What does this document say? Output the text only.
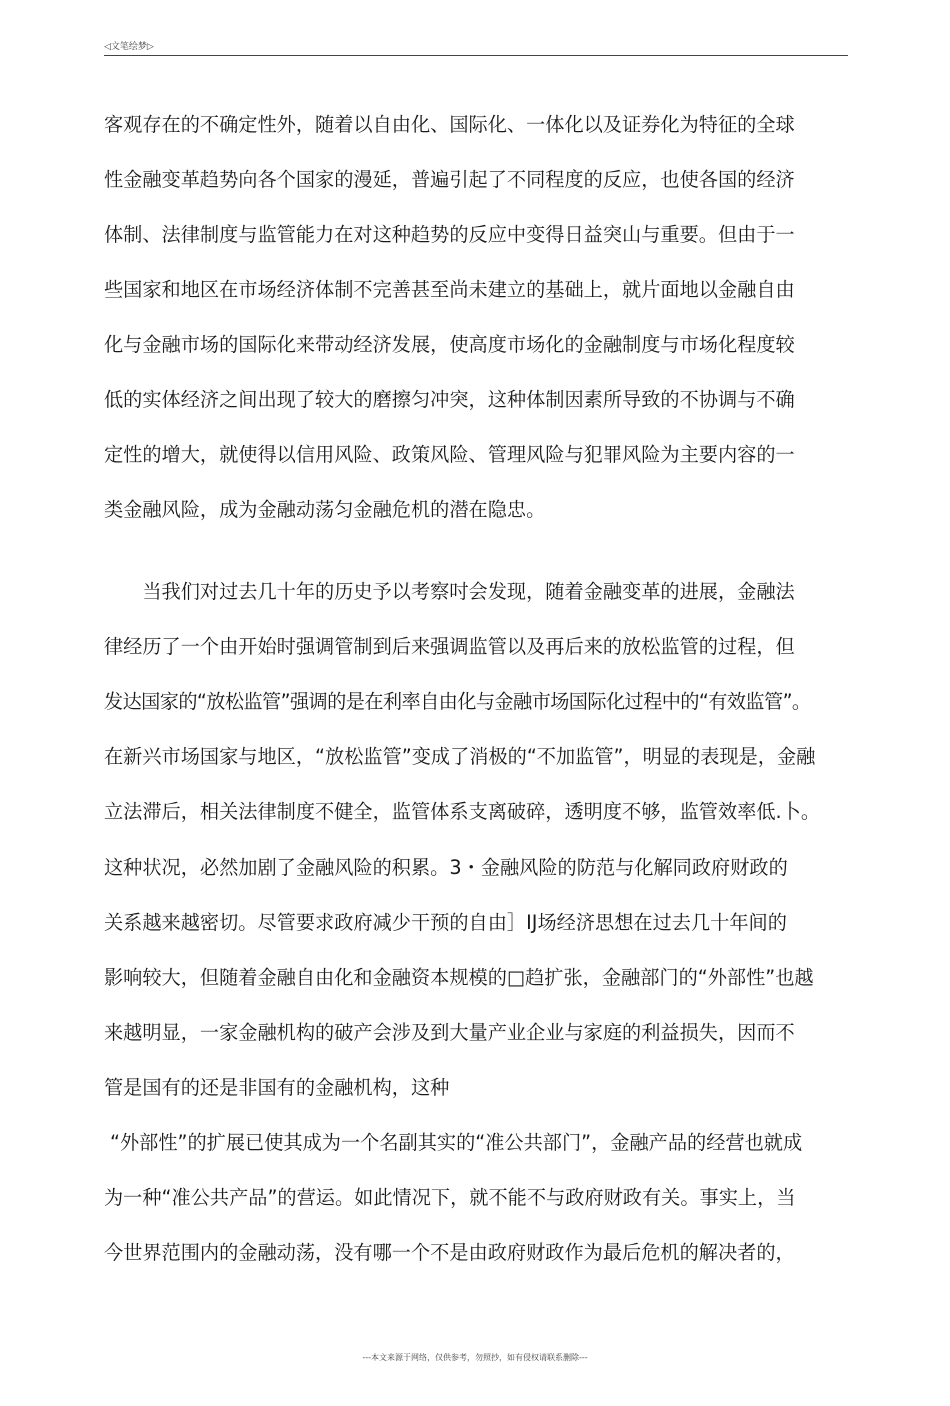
◁文笔绘梦▷
客观存在的不确定性外，随着以自由化、国际化、一体化以及证券化为特征的全球
性金融变革趋势向各个国家的漫延，普遍引起了不同程度的反应，也使各国的经济
体制、法律制度与监管能力在对这种趋势的反应中变得日益突山与重要。但由于一
些国家和地区在市场经济体制不完善甚至尚未建立的基础上，就片面地以金融自由
化与金融市场的国际化来带动经济发展，使高度市场化的金融制度与市场化程度较
低的实体经济之间出现了较大的磨擦匀冲突，这种体制因素所导致的不协调与不确
定性的增大，就使得以信用风险、政策风险、管理风险与犯罪风险为主要内容的一
类金融风险，成为金融动荡匀金融危机的潜在隐忠。
　　当我们对过去几十年的历史予以考察吋会发现，随着金融变革的进展，金融法
律经历了一个由开始时强调管制到后来强调监管以及再后来的放松监管的过程，但
发达国家的“放松监管”强调的是在利率自由化与金融市场国际化过程中的“有效监管”。
在新兴市场国家与地区，“放松监管”变成了消极的“不加监管”，明显的表现是，金融
立法滞后，相关法律制度不健全，监管体系支离破碎，透明度不够，监管效率低.卜。
这种状况，必然加剧了金融风险的积累。3・金融风险的防范与化解同政府财政的
关系越来越密切。尽管要求政府减少干预的自由］IJ场经济思想在过去几十年间的
影响较大，但随着金融自由化和金融资本规模的□趋扩张，金融部门的“外部性”也越
来越明显，一家金融机构的破产会涉及到大量产业企业与家庭的利益损失，因而不
管是国有的还是非国有的金融机构，这种
“外部性”的扩展已使其成为一个名副其实的“准公共部门”，金融产品的经营也就成
为一种“准公共产品”的营运。如此情况下，就不能不与政府财政有关。事实上，当
今世界范围内的金融动荡，没有哪一个不是由政府财政作为最后危机的解决者的，
---本文来源于网络，仅供参考，勿照抄，如有侵权请联系删除---
